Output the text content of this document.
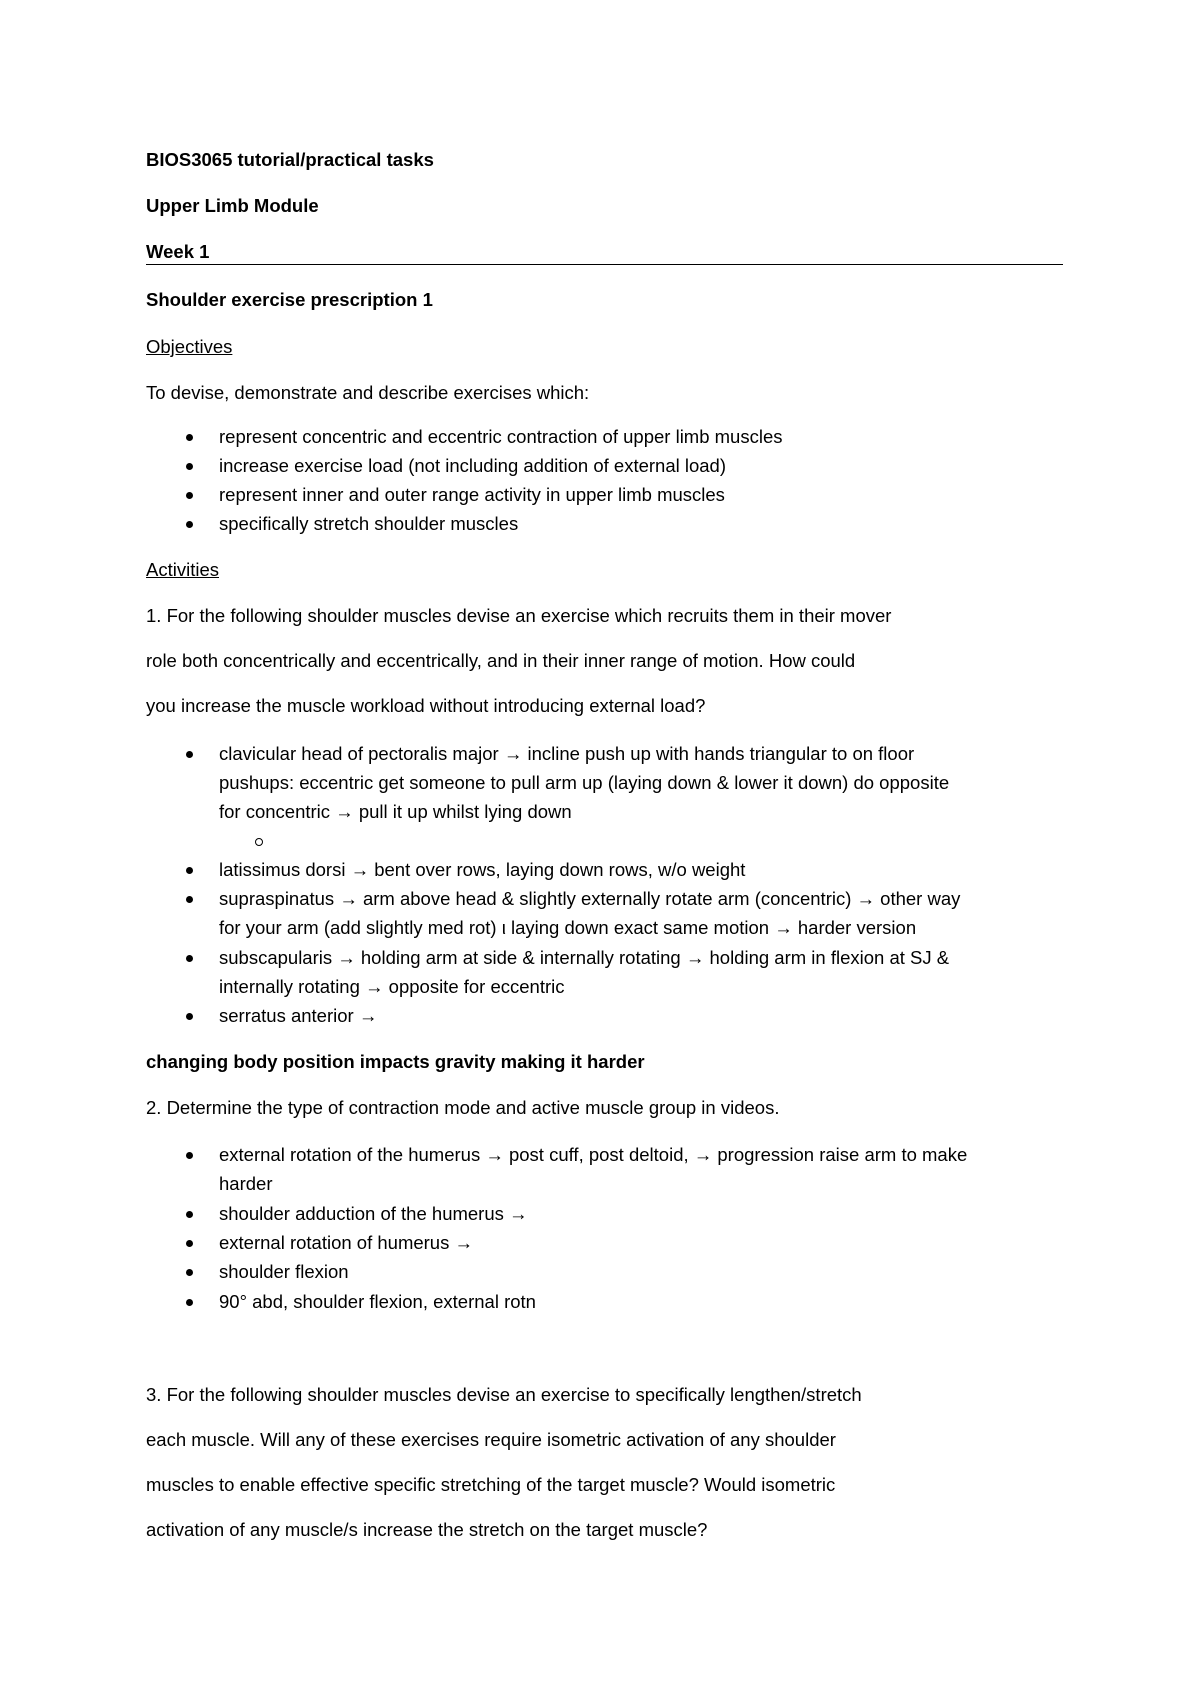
BIOS3065 tutorial/practical tasks
Upper Limb Module
Week 1
Shoulder exercise prescription 1
Objectives
To devise, demonstrate and describe exercises which:
represent concentric and eccentric contraction of upper limb muscles
increase exercise load (not including addition of external load)
represent inner and outer range activity in upper limb muscles
specifically stretch shoulder muscles
Activities
1. For the following shoulder muscles devise an exercise which recruits them in their mover
role both concentrically and eccentrically, and in their inner range of motion. How could
you increase the muscle workload without introducing external load?
clavicular head of pectoralis major → incline push up with hands triangular to on floor
pushups: eccentric get someone to pull arm up (laying down & lower it down) do opposite
for concentric → pull it up whilst lying down
latissimus dorsi → bent over rows, laying down rows, w/o weight
supraspinatus → arm above head & slightly externally rotate arm (concentric) → other way
for your arm (add slightly med rot) ι laying down exact same motion → harder version
subscapularis → holding arm at side & internally rotating → holding arm in flexion at SJ &
internally rotating → opposite for eccentric
serratus anterior →
changing body position impacts gravity making it harder
2. Determine the type of contraction mode and active muscle group in videos.
external rotation of the humerus → post cuff, post deltoid, → progression raise arm to make
harder
shoulder adduction of the humerus →
external rotation of humerus →
shoulder flexion
90° abd, shoulder flexion, external rotn
3. For the following shoulder muscles devise an exercise to specifically lengthen/stretch
each muscle. Will any of these exercises require isometric activation of any shoulder
muscles to enable effective specific stretching of the target muscle? Would isometric
activation of any muscle/s increase the stretch on the target muscle?
